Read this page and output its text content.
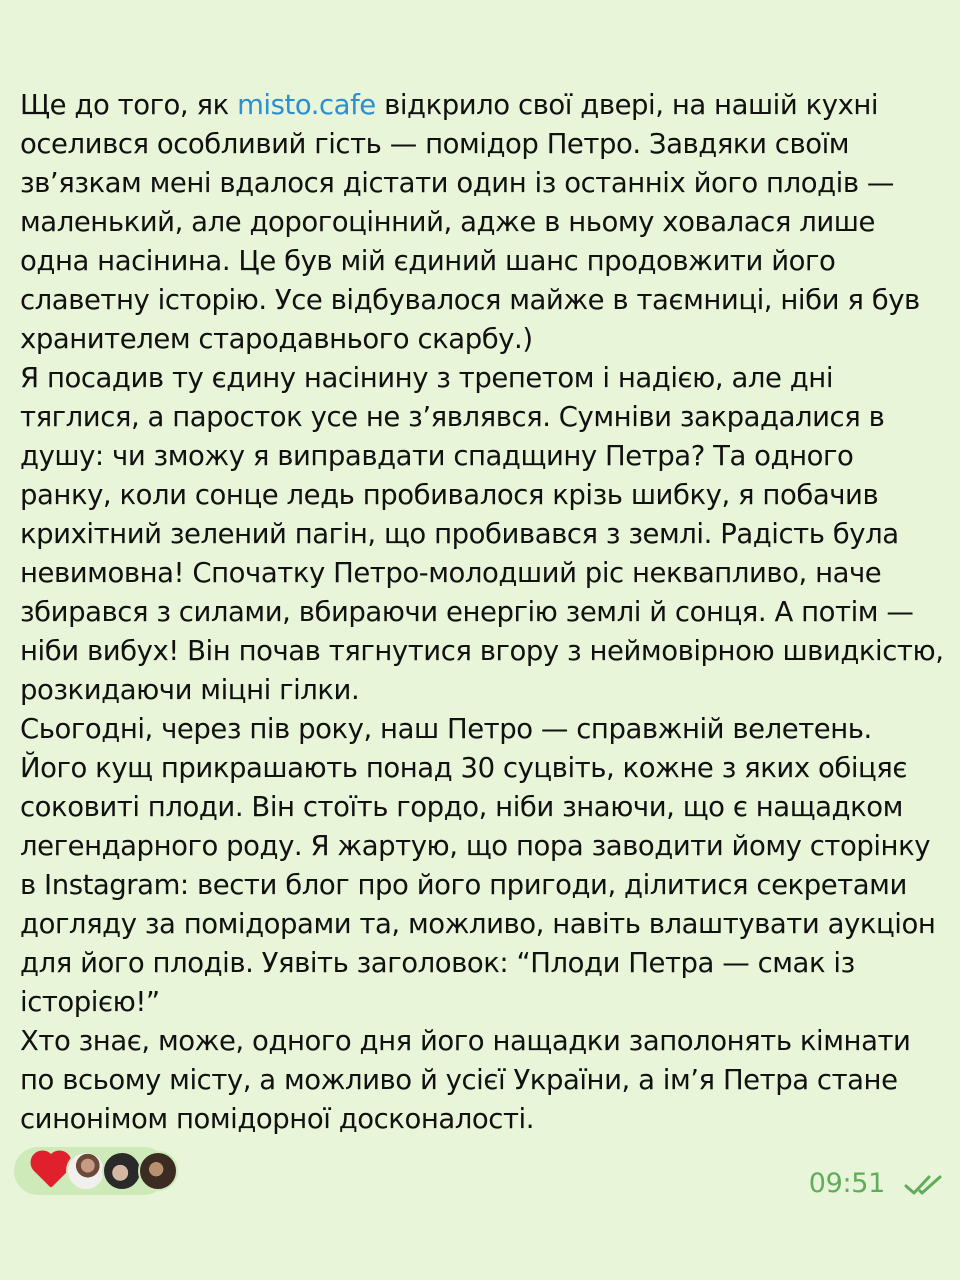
Ще до того, як misto.cafe відкрило свої двері, на нашій кухні оселився особливий гість — помідор Петро. Завдяки своїм зв’язкам мені вдалося дістати один із останніх його плодів — маленький, але дорогоцінний, адже в ньому ховалася лише одна насінина. Це був мій єдиний шанс продовжити його славетну історію. Усе відбувалося майже в таємниці, ніби я був хранителем стародавнього скарбу.)

Я посадив ту єдину насінину з трепетом і надією, але дні тяглися, а паросток усе не з’являвся. Сумніви закрадалися в душу: чи зможу я виправдати спадщину Петра? Та одного ранку, коли сонце ледь пробивалося крізь шибку, я побачив крихітний зелений пагін, що пробивався з землі. Радість була невимовна! Спочатку Петро-молодший ріс неквапливо, наче збирався з силами, вбираючи енергію землі й сонця. А потім — ніби вибух! Він почав тягнутися вгору з неймовірною швидкістю, розкидаючи міцні гілки.

Сьогодні, через пів року, наш Петро — справжній велетень. Його кущ прикрашають понад 30 суцвіть, кожне з яких обіцяє соковиті плоди. Він стоїть гордо, ніби знаючи, що є нащадком легендарного роду. Я жартую, що пора заводити йому сторінку в Instagram: вести блог про його пригоди, ділитися секретами догляду за помідорами та, можливо, навіть влаштувати аукціон для його плодів. Уявіть заголовок: “Плоди Петра — смак із історією!”

Хто знає, може, одного дня його нащадки заполонять кімнати по всьому місту, а можливо й усієї України, а ім’я Петра стане синонімом помідорної досконалості.

09:51
